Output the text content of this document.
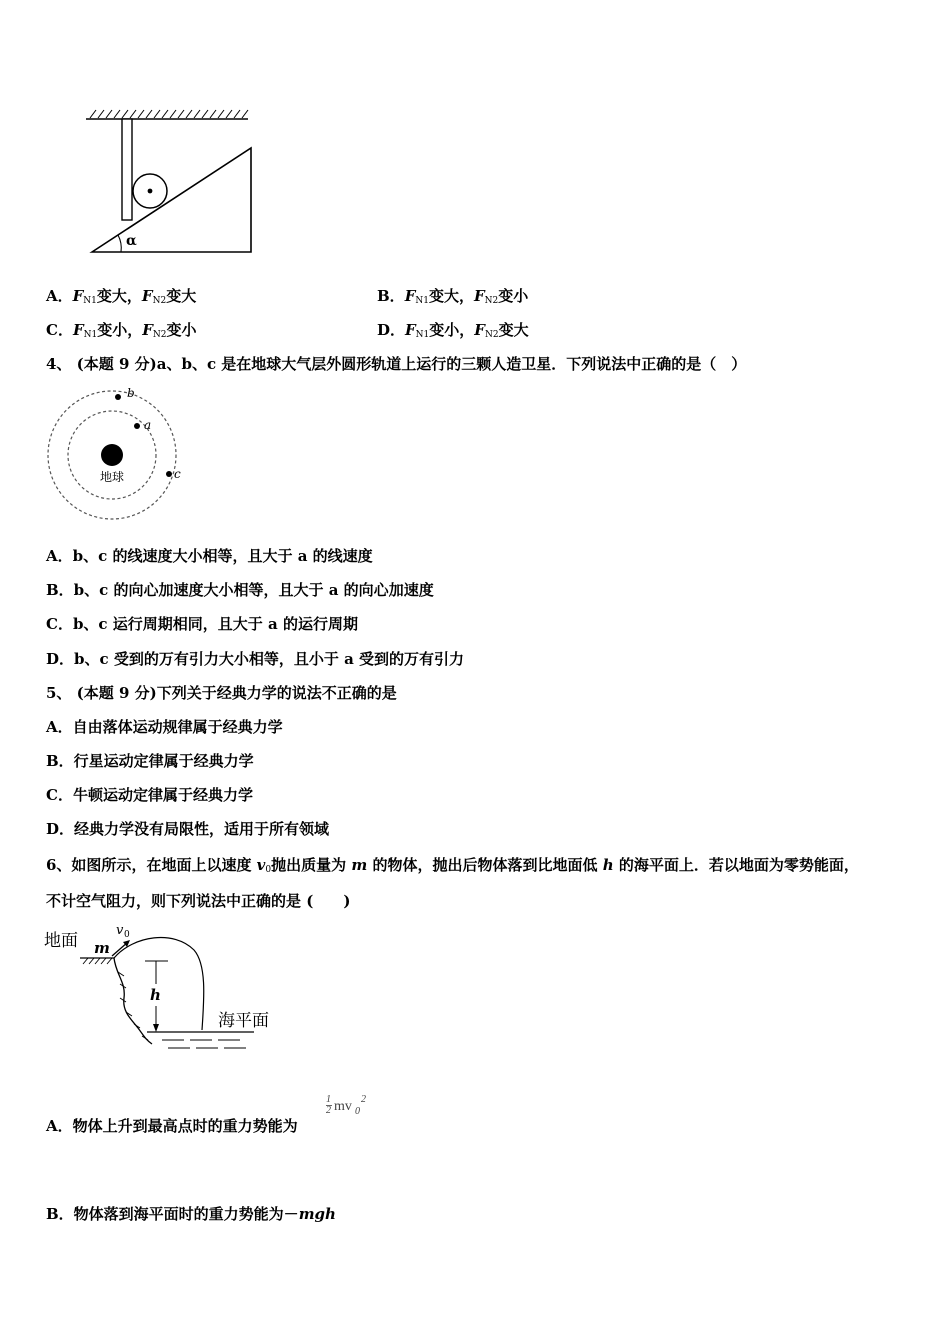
α
A．$F_{N1}$变大，$F_{N2}$变大	B．$F_{N1}$变大，$F_{N2}$变小
C．$F_{N1}$变小，$F_{N2}$变小	D．$F_{N1}$变小，$F_{N2}$变大
4、 (本题 9 分)a、b、c 是在地球大气层外圆形轨道上运行的三颗人造卫星．下列说法中正确的是（　）
地球
b
a
c
A．b、c 的线速度大小相等，且大于 a 的线速度
B．b、c 的向心加速度大小相等，且大于 a 的向心加速度
C．b、c 运行周期相同，且大于 a 的运行周期
D．b、c 受到的万有引力大小相等，且小于 a 受到的万有引力
5、 (本题 9 分)下列关于经典力学的说法不正确的是
A．自由落体运动规律属于经典力学
B．行星运动定律属于经典力学
C．牛顿运动定律属于经典力学
D．经典力学没有局限性，适用于所有领域
6、如图所示，在地面上以速度 $v_0$抛出质量为 m 的物体，抛出后物体落到比地面低 h 的海平面上．若以地面为零势能面，
不计空气阻力，则下列说法中正确的是 (　　)
地面 m
v 0
h
海平面
A．物体上升到最高点时的重力势能为
1
2 mv 0
2
B．物体落到海平面时的重力势能为－mgh
